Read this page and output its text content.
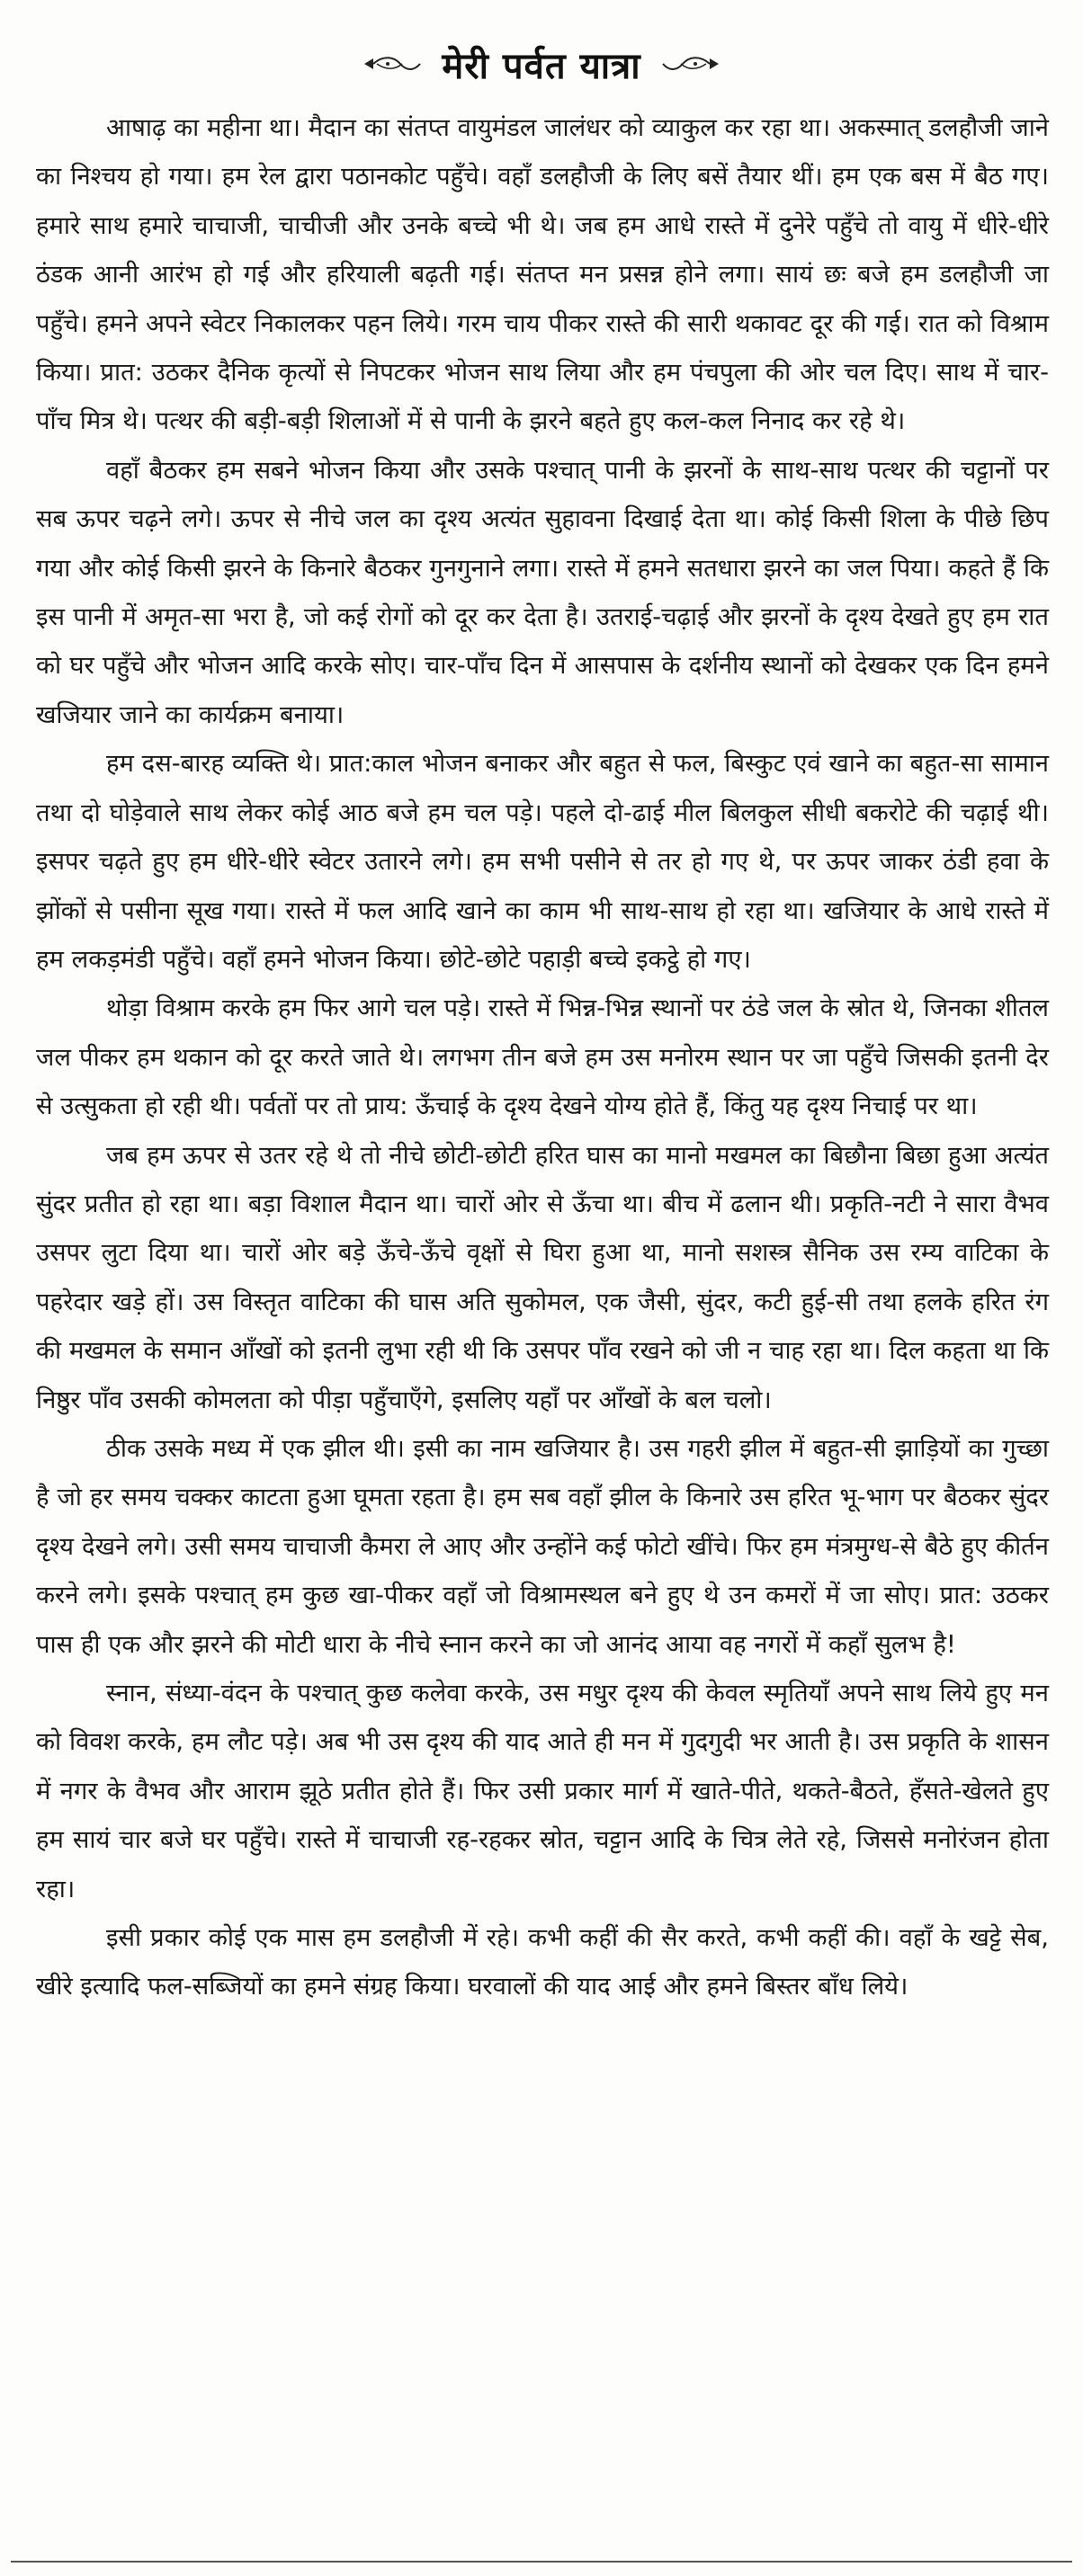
मेरी पर्वत यात्रा

आषाढ़ का महीना था। मैदान का संतप्त वायुमंडल जालंधर को व्याकुल कर रहा था। अकस्मात् डलहौजी जाने का निश्चय हो गया। हम रेल द्वारा पठानकोट पहुँचे। वहाँ डलहौजी के लिए बसें तैयार थीं। हम एक बस में बैठ गए। हमारे साथ हमारे चाचाजी, चाचीजी और उनके बच्चे भी थे। जब हम आधे रास्ते में दुनेरे पहुँचे तो वायु में धीरे-धीरे ठंडक आनी आरंभ हो गई और हरियाली बढ़ती गई। संतप्त मन प्रसन्न होने लगा। सायं छः बजे हम डलहौजी जा पहुँचे। हमने अपने स्वेटर निकालकर पहन लिये। गरम चाय पीकर रास्ते की सारी थकावट दूर की गई। रात को विश्राम किया। प्रात: उठकर दैनिक कृत्यों से निपटकर भोजन साथ लिया और हम पंचपुला की ओर चल दिए। साथ में चार-पाँच मित्र थे। पत्थर की बड़ी-बड़ी शिलाओं में से पानी के झरने बहते हुए कल-कल निनाद कर रहे थे।

वहाँ बैठकर हम सबने भोजन किया और उसके पश्चात् पानी के झरनों के साथ-साथ पत्थर की चट्टानों पर सब ऊपर चढ़ने लगे। ऊपर से नीचे जल का दृश्य अत्यंत सुहावना दिखाई देता था। कोई किसी शिला के पीछे छिप गया और कोई किसी झरने के किनारे बैठकर गुनगुनाने लगा। रास्ते में हमने सतधारा झरने का जल पिया। कहते हैं कि इस पानी में अमृत-सा भरा है, जो कई रोगों को दूर कर देता है। उतराई-चढ़ाई और झरनों के दृश्य देखते हुए हम रात को घर पहुँचे और भोजन आदि करके सोए। चार-पाँच दिन में आसपास के दर्शनीय स्थानों को देखकर एक दिन हमने खजियार जाने का कार्यक्रम बनाया।

हम दस-बारह व्यक्ति थे। प्रात:काल भोजन बनाकर और बहुत से फल, बिस्कुट एवं खाने का बहुत-सा सामान तथा दो घोड़ेवाले साथ लेकर कोई आठ बजे हम चल पड़े। पहले दो-ढाई मील बिलकुल सीधी बकरोटे की चढ़ाई थी। इसपर चढ़ते हुए हम धीरे-धीरे स्वेटर उतारने लगे। हम सभी पसीने से तर हो गए थे, पर ऊपर जाकर ठंडी हवा के झोंकों से पसीना सूख गया। रास्ते में फल आदि खाने का काम भी साथ-साथ हो रहा था। खजियार के आधे रास्ते में हम लकड़मंडी पहुँचे। वहाँ हमने भोजन किया। छोटे-छोटे पहाड़ी बच्चे इकट्ठे हो गए।

थोड़ा विश्राम करके हम फिर आगे चल पड़े। रास्ते में भिन्न-भिन्न स्थानों पर ठंडे जल के स्रोत थे, जिनका शीतल जल पीकर हम थकान को दूर करते जाते थे। लगभग तीन बजे हम उस मनोरम स्थान पर जा पहुँचे जिसकी इतनी देर से उत्सुकता हो रही थी। पर्वतों पर तो प्राय: ऊँचाई के दृश्य देखने योग्य होते हैं, किंतु यह दृश्य निचाई पर था।

जब हम ऊपर से उतर रहे थे तो नीचे छोटी-छोटी हरित घास का मानो मखमल का बिछौना बिछा हुआ अत्यंत सुंदर प्रतीत हो रहा था। बड़ा विशाल मैदान था। चारों ओर से ऊँचा था। बीच में ढलान थी। प्रकृति-नटी ने सारा वैभव उसपर लुटा दिया था। चारों ओर बड़े ऊँचे-ऊँचे वृक्षों से घिरा हुआ था, मानो सशस्त्र सैनिक उस रम्य वाटिका के पहरेदार खड़े हों। उस विस्तृत वाटिका की घास अति सुकोमल, एक जैसी, सुंदर, कटी हुई-सी तथा हलके हरित रंग की मखमल के समान आँखों को इतनी लुभा रही थी कि उसपर पाँव रखने को जी न चाह रहा था। दिल कहता था कि निष्ठुर पाँव उसकी कोमलता को पीड़ा पहुँचाएँगे, इसलिए यहाँ पर आँखों के बल चलो।

ठीक उसके मध्य में एक झील थी। इसी का नाम खजियार है। उस गहरी झील में बहुत-सी झाड़ियों का गुच्छा है जो हर समय चक्कर काटता हुआ घूमता रहता है। हम सब वहाँ झील के किनारे उस हरित भू-भाग पर बैठकर सुंदर दृश्य देखने लगे। उसी समय चाचाजी कैमरा ले आए और उन्होंने कई फोटो खींचे। फिर हम मंत्रमुग्ध-से बैठे हुए कीर्तन करने लगे। इसके पश्चात् हम कुछ खा-पीकर वहाँ जो विश्रामस्थल बने हुए थे उन कमरों में जा सोए। प्रात: उठकर पास ही एक और झरने की मोटी धारा के नीचे स्नान करने का जो आनंद आया वह नगरों में कहाँ सुलभ है!

स्नान, संध्या-वंदन के पश्चात् कुछ कलेवा करके, उस मधुर दृश्य की केवल स्मृतियाँ अपने साथ लिये हुए मन को विवश करके, हम लौट पड़े। अब भी उस दृश्य की याद आते ही मन में गुदगुदी भर आती है। उस प्रकृति के शासन में नगर के वैभव और आराम झूठे प्रतीत होते हैं। फिर उसी प्रकार मार्ग में खाते-पीते, थकते-बैठते, हँसते-खेलते हुए हम सायं चार बजे घर पहुँचे। रास्ते में चाचाजी रह-रहकर स्रोत, चट्टान आदि के चित्र लेते रहे, जिससे मनोरंजन होता रहा।

इसी प्रकार कोई एक मास हम डलहौजी में रहे। कभी कहीं की सैर करते, कभी कहीं की। वहाँ के खट्टे सेब, खीरे इत्यादि फल-सब्जियों का हमने संग्रह किया। घरवालों की याद आई और हमने बिस्तर बाँध लिये।
